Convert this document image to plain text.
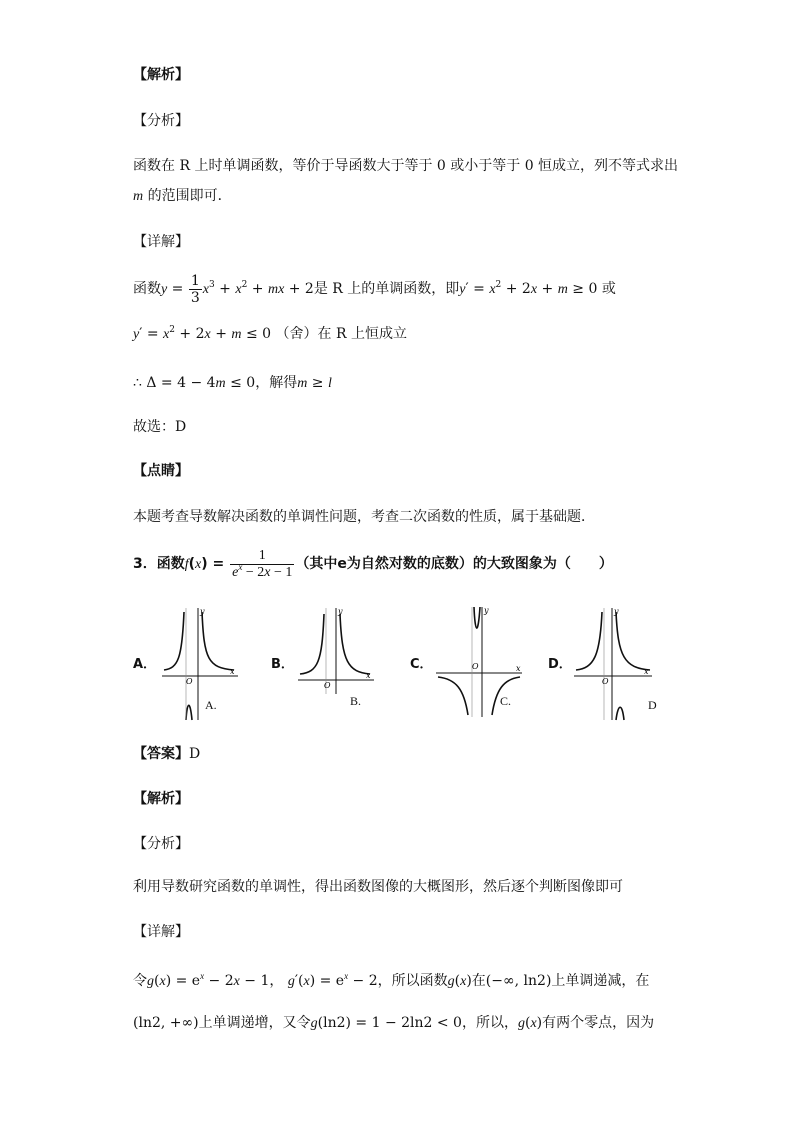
【解析】
【分析】
函数在 R 上时单调函数，等价于导函数大于等于 0 或小于等于 0 恒成立，列不等式求出
m 的范围即可．
【详解】
函数$y = \frac{1}{3} x^3 + x^2$ + mx + 2是 R 上的单调函数，即$y' = x^2 + 2x + m \ge 0$ 或
$y' = x^2 + 2x + m \le 0$ （舍）在 R 上恒成立
∴ Δ = 4 − 4m ≤ 0，解得m ≥ l
故选：D
【点睛】
本题考查导数解决函数的单调性问题，考查二次函数的性质，属于基础题．
3．函数$f(x) = \frac{1}{e^x - 2x - 1}$ （其中e为自然对数的底数）的大致图象为（　　）
A．
O
x
y
A.
B．
O
x
y
B.
C．	O	x
y
C.
D．
O
x
y
D
【答案】D
【解析】
【分析】
利用导数研究函数的单调性，得出函数图像的大概图形，然后逐个判断图像即可
【详解】
令$g(x) = e^x - 2x - 1$， $g'(x) = e^x - 2$，所以函数g(x)在(−∞, ln2)上单调递减，在
(ln2, +∞)上单调递增，又令g(ln2) = 1 − 2ln2 < 0，所以，g(x)有两个零点，因为
